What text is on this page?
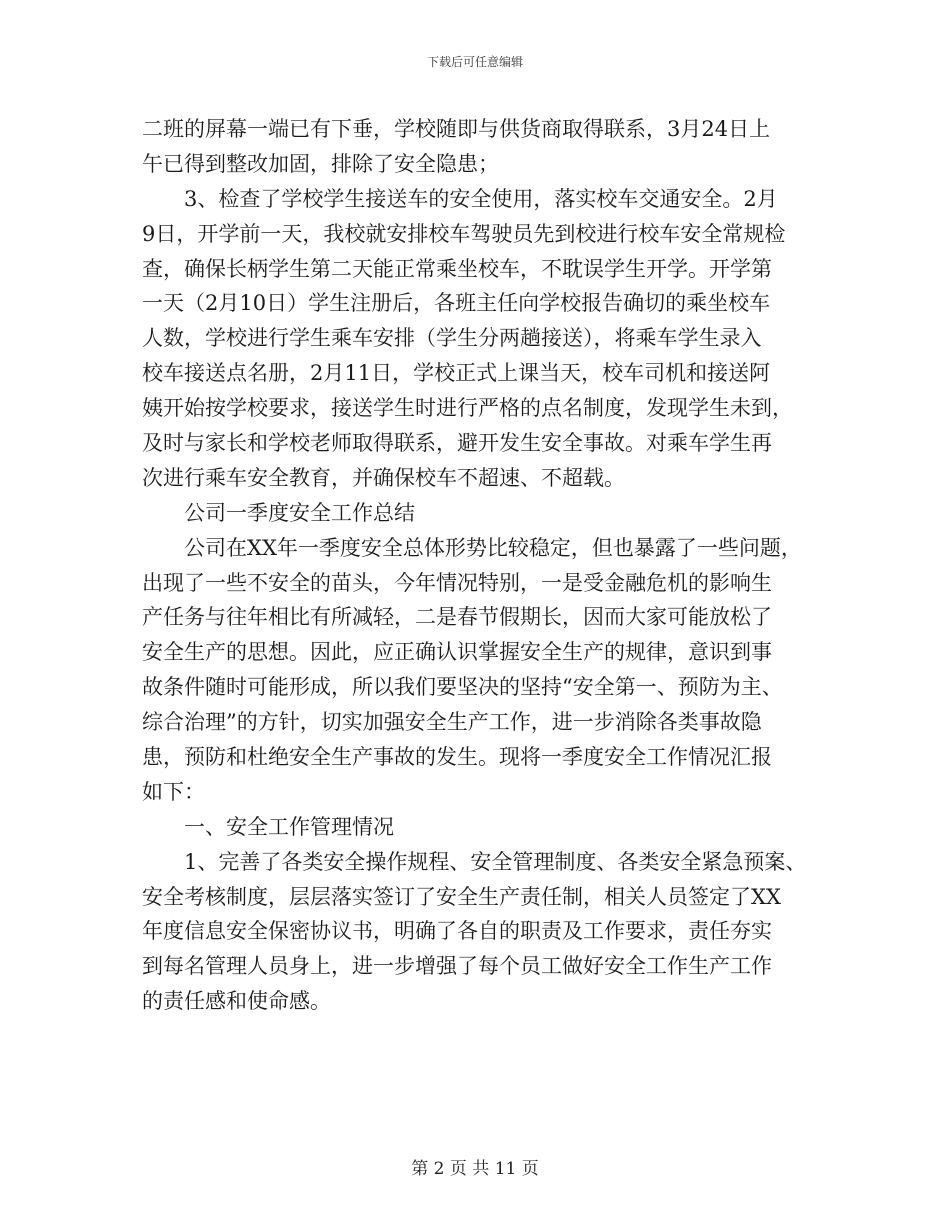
下载后可任意编辑
二班的屏幕一端已有下垂，学校随即与供货商取得联系，3月24日上
午已得到整改加固，排除了安全隐患；
　　3、检查了学校学生接送车的安全使用，落实校车交通安全。2月
9日，开学前一天，我校就安排校车驾驶员先到校进行校车安全常规检
查，确保长柄学生第二天能正常乘坐校车，不耽误学生开学。开学第
一天（2月10日）学生注册后，各班主任向学校报告确切的乘坐校车
人数，学校进行学生乘车安排（学生分两趟接送），将乘车学生录入
校车接送点名册，2月11日，学校正式上课当天，校车司机和接送阿
姨开始按学校要求，接送学生时进行严格的点名制度，发现学生未到，
及时与家长和学校老师取得联系，避开发生安全事故。对乘车学生再
次进行乘车安全教育，并确保校车不超速、不超载。
　　公司一季度安全工作总结
　　公司在XX年一季度安全总体形势比较稳定，但也暴露了一些问题，
出现了一些不安全的苗头，今年情况特别，一是受金融危机的影响生
产任务与往年相比有所减轻，二是春节假期长，因而大家可能放松了
安全生产的思想。因此，应正确认识掌握安全生产的规律，意识到事
故条件随时可能形成，所以我们要坚决的坚持“安全第一、预防为主、
综合治理”的方针，切实加强安全生产工作，进一步消除各类事故隐
患，预防和杜绝安全生产事故的发生。现将一季度安全工作情况汇报
如下：
　　一、安全工作管理情况
　　1、完善了各类安全操作规程、安全管理制度、各类安全紧急预案、
安全考核制度，层层落实签订了安全生产责任制，相关人员签定了XX
年度信息安全保密协议书，明确了各自的职责及工作要求，责任夯实
到每名管理人员身上，进一步增强了每个员工做好安全工作生产工作
的责任感和使命感。
第 2 页 共 11 页
